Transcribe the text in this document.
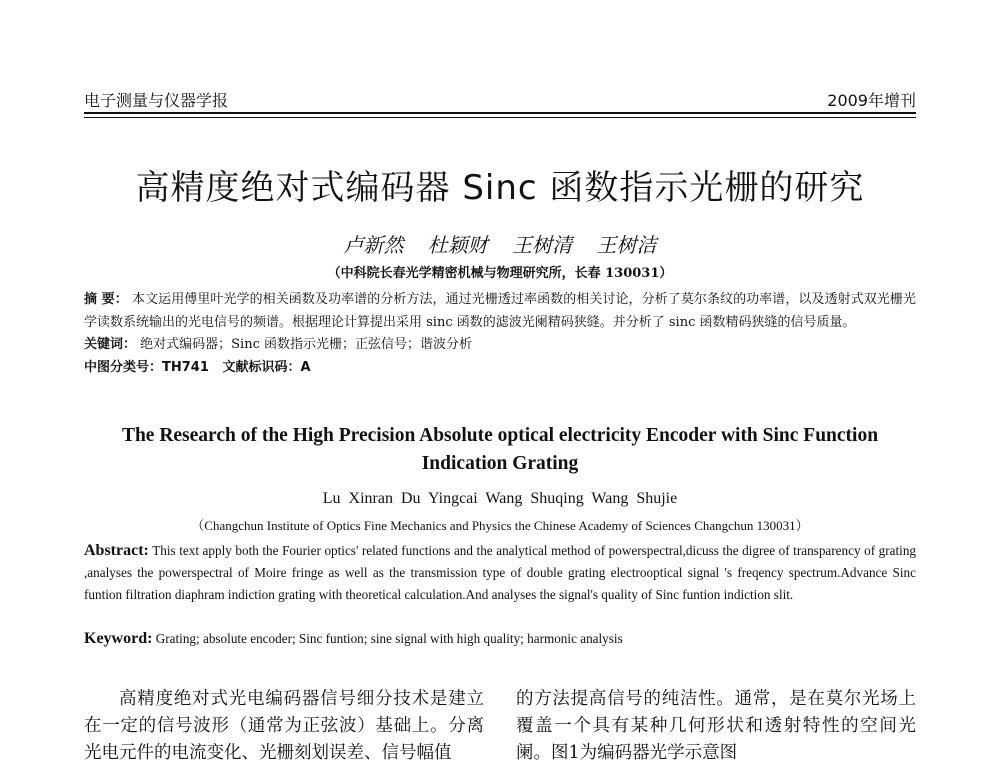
电子测量与仪器学报	2009年增刊
高精度绝对式编码器 Sinc 函数指示光栅的研究
卢新然 杜颖财 王树清 王树洁
（中科院长春光学精密机械与物理研究所，长春 130031）
摘 要： 本文运用傅里叶光学的相关函数及功率谱的分析方法，通过光栅透过率函数的相关讨论，分析了莫尔条纹的功率谱，以及透射式双光栅光学读数系统输出的光电信号的频谱。根据理论计算提出采用 sinc 函数的滤波光阑精码狭缝。并分析了 sinc 函数精码狭缝的信号质量。
关键词： 绝对式编码器；Sinc 函数指示光栅；正弦信号；谐波分析
中图分类号：TH741 文献标识码：A
The Research of the High Precision Absolute optical electricity Encoder with Sinc Function Indication Grating
Lu Xinran Du Yingcai Wang Shuqing Wang Shujie
（Changchun Institute of Optics Fine Mechanics and Physics the Chinese Academy of Sciences Changchun 130031）
Abstract: This text apply both the Fourier optics' related functions and the analytical method of powerspectral,dicuss the digree of transparency of grating ,analyses the powerspectral of Moire fringe as well as the transmission type of double grating electrooptical signal 's freqency spectrum.Advance Sinc funtion filtration diaphram indiction grating with theoretical calculation.And analyses the signal's quality of Sinc funtion indiction slit.
Keyword: Grating; absolute encoder; Sinc funtion; sine signal with high quality; harmonic analysis

高精度绝对式光电编码器信号细分技术是建立在一定的信号波形（通常为正弦波）基础上。分离光电元件的电流变化、光栅刻划误差、信号幅值

的方法提高信号的纯洁性。通常，是在莫尔光场上覆盖一个具有某种几何形状和透射特性的空间光阑。图1为编码器光学示意图
